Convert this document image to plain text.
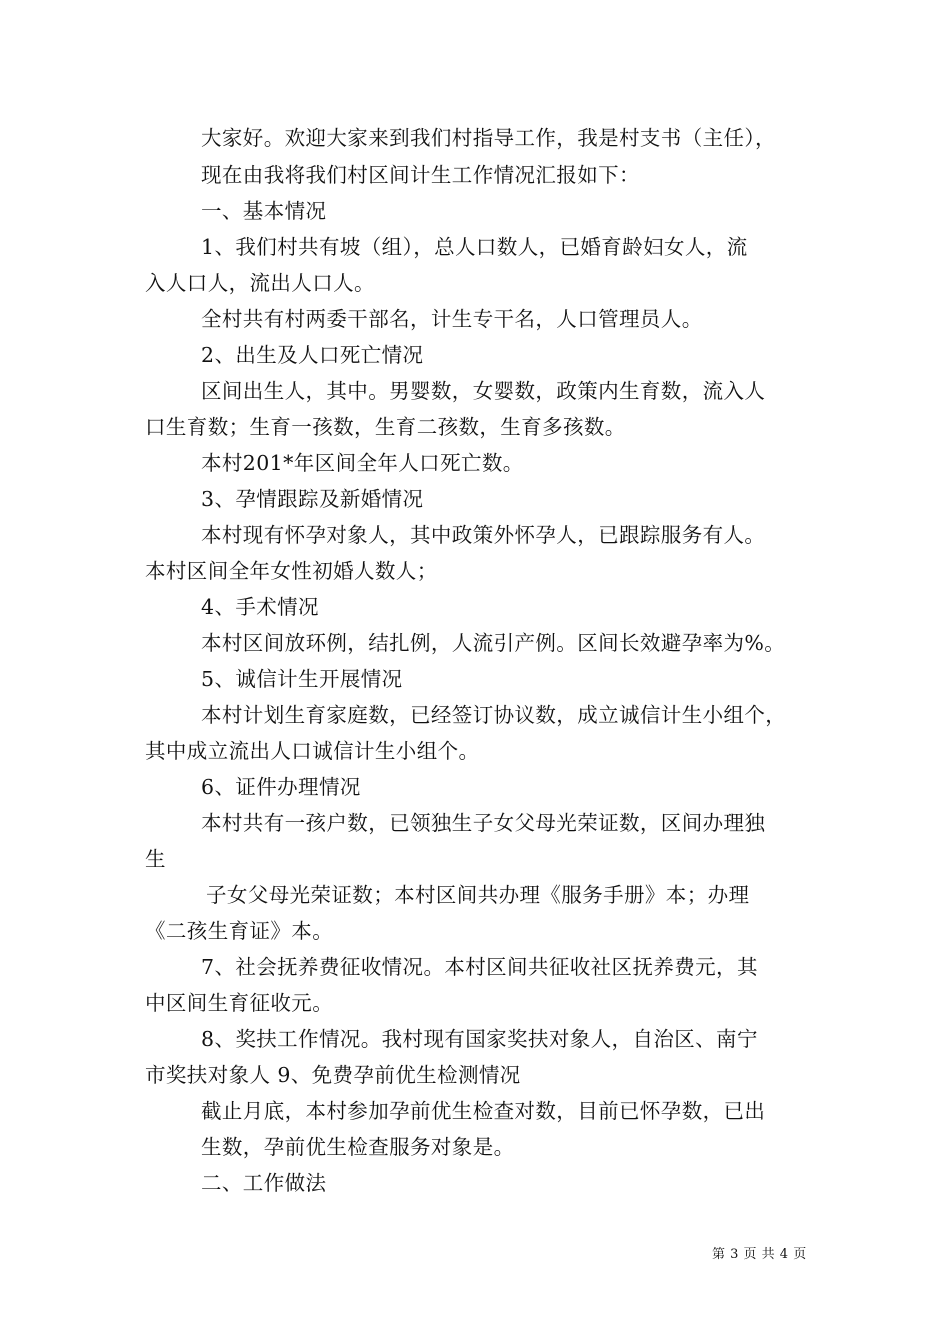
大家好。欢迎大家来到我们村指导工作，我是村支书（主任），
现在由我将我们村区间计生工作情况汇报如下：
一、基本情况
1、我们村共有坡（组），总人口数人，已婚育龄妇女人，流
入人口人，流出人口人。
全村共有村两委干部名，计生专干名，人口管理员人。
2、出生及人口死亡情况
区间出生人，其中。男婴数，女婴数，政策内生育数，流入人
口生育数；生育一孩数，生育二孩数，生育多孩数。
本村201*年区间全年人口死亡数。
3、孕情跟踪及新婚情况
本村现有怀孕对象人，其中政策外怀孕人，已跟踪服务有人。
本村区间全年女性初婚人数人；
4、手术情况
本村区间放环例，结扎例，人流引产例。区间长效避孕率为%。
5、诚信计生开展情况
本村计划生育家庭数，已经签订协议数，成立诚信计生小组个，
其中成立流出人口诚信计生小组个。
6、证件办理情况
本村共有一孩户数，已领独生子女父母光荣证数，区间办理独
生
子女父母光荣证数；本村区间共办理《服务手册》本；办理
《二孩生育证》本。
7、社会抚养费征收情况。本村区间共征收社区抚养费元，其
中区间生育征收元。
8、奖扶工作情况。我村现有国家奖扶对象人，自治区、南宁
市奖扶对象人 9、免费孕前优生检测情况
截止月底，本村参加孕前优生检查对数，目前已怀孕数，已出
生数，孕前优生检查服务对象是。
二、工作做法
第 3 页 共 4 页
